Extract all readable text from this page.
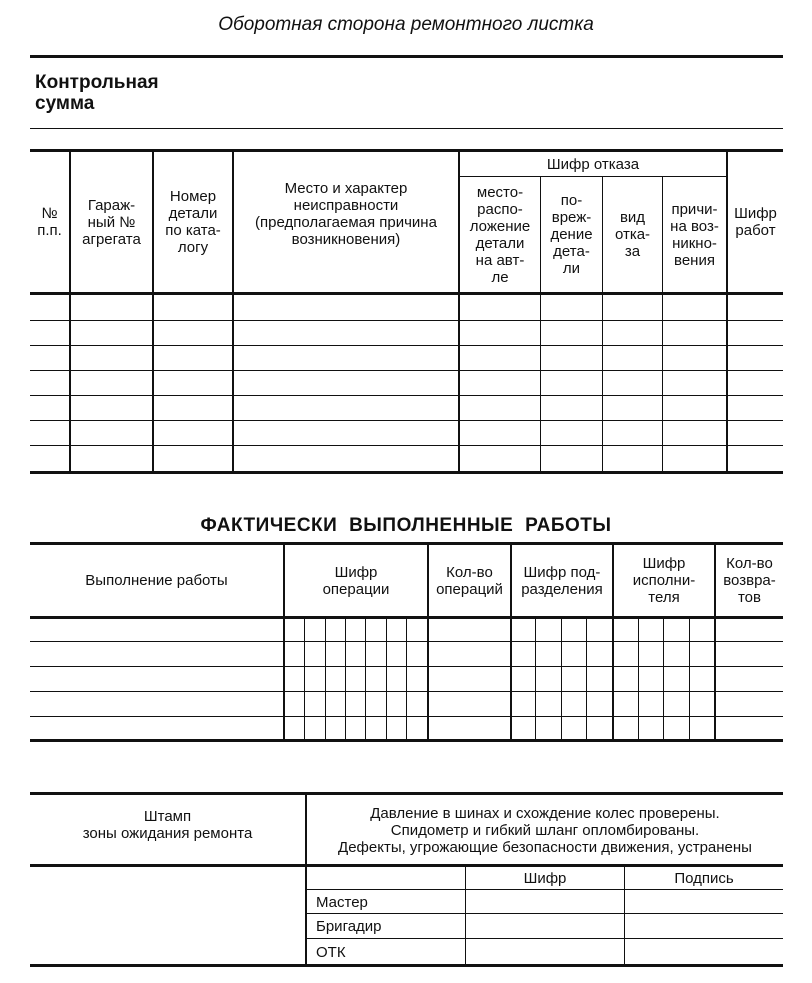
Оборотная сторона ремонтного листка
Контрольная
сумма
№
п.п.
Гараж-
ный №
агрегата
Номер
детали
по ката-
логу
Место и характер
неисправности
(предполагаемая причина
возникновения)
Шифр отказа
место-
распо-
ложение
детали
на авт-
ле
по-
вреж-
дение
дета-
ли
вид
отка-
за
причи-
на воз-
никно-
вения
Шифр
работ
ФАКТИЧЕСКИ ВЫПОЛНЕННЫЕ РАБОТЫ
Выполнение работы	Шифр
операции
Кол-во
операций
Шифр под-
разделения
Шифр
исполни-
теля
Кол-во
возвра-
тов
Штамп
зоны ожидания ремонта
Давление в шинах и схождение колес проверены.
Спидометр и гибкий шланг опломбированы.
Дефекты, угрожающие безопасности движения, устранены
Шифр	Подпись
Мастер
Бригадир
ОТК
